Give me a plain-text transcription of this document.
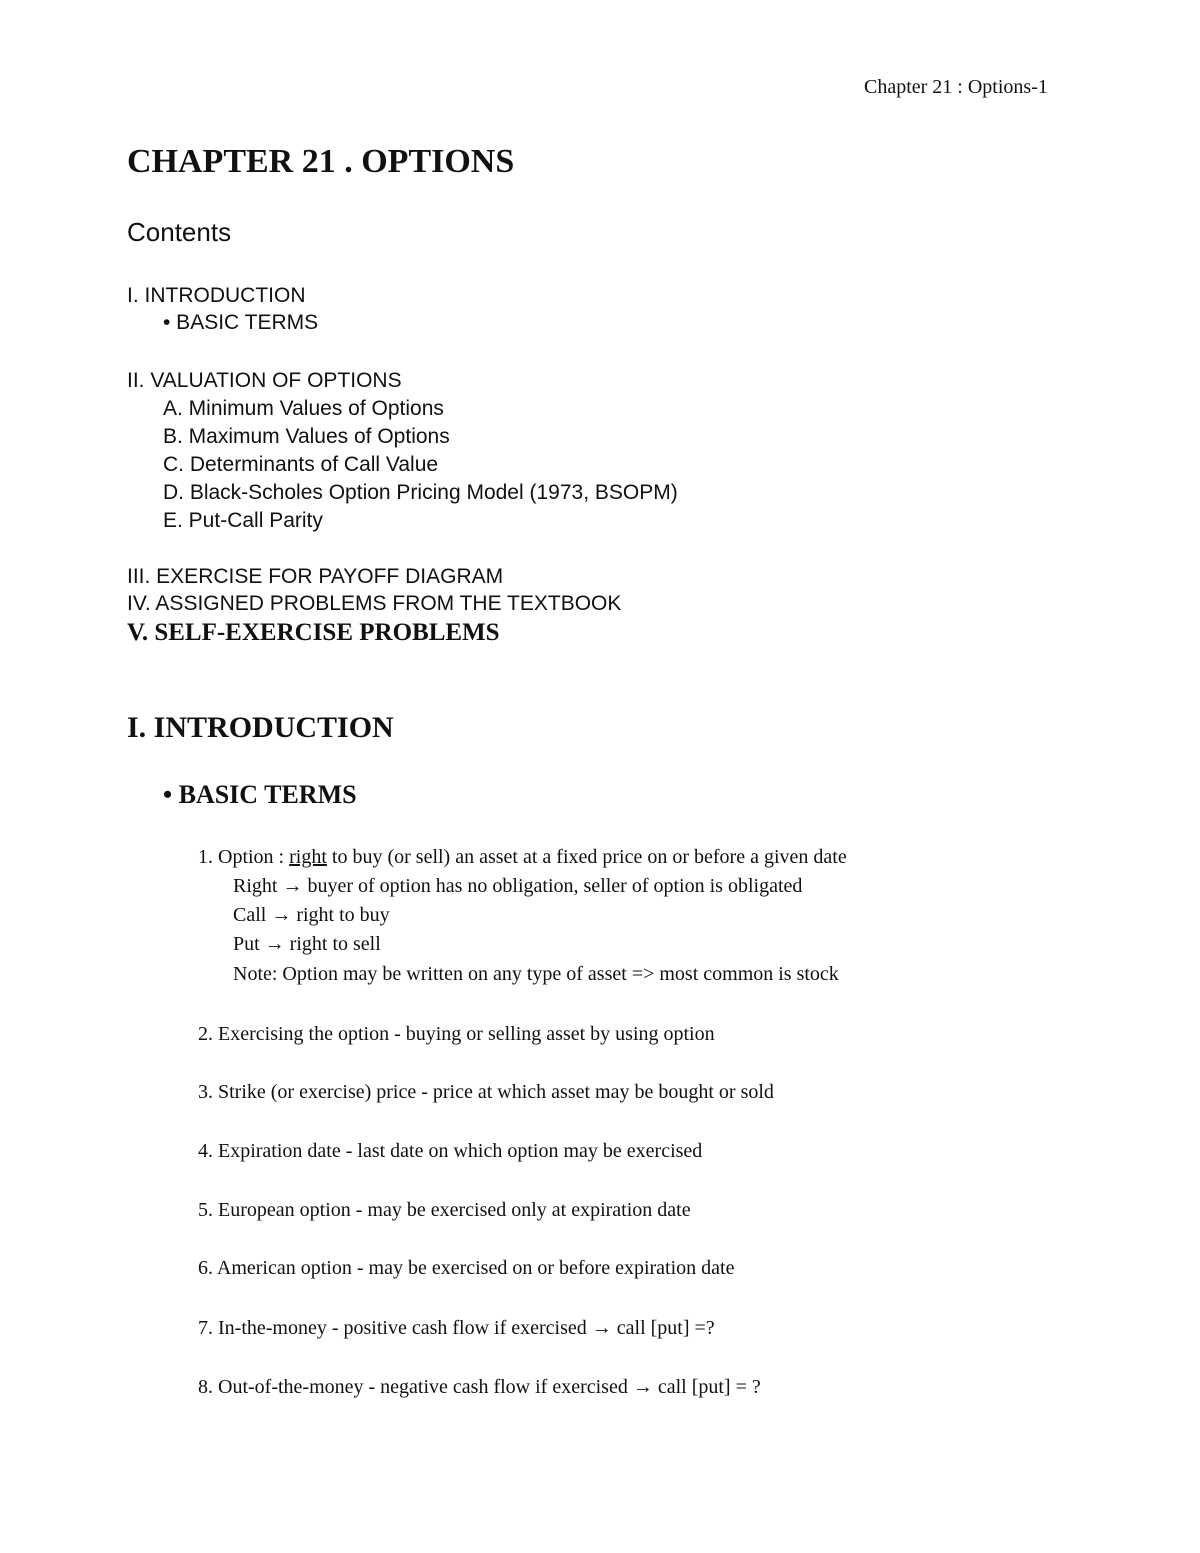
Chapter 21 : Options-1
CHAPTER 21 . OPTIONS
Contents
I. INTRODUCTION
• BASIC TERMS
II. VALUATION OF OPTIONS
A. Minimum Values of Options
B. Maximum Values of Options
C. Determinants of Call Value
D. Black-Scholes Option Pricing Model (1973, BSOPM)
E. Put-Call Parity
III. EXERCISE FOR PAYOFF DIAGRAM
IV. ASSIGNED PROBLEMS FROM THE TEXTBOOK
V. SELF-EXERCISE PROBLEMS
I. INTRODUCTION
• BASIC TERMS
1. Option : right to buy (or sell) an asset at a fixed price on or before a given date
Right → buyer of option has no obligation, seller of option is obligated
Call → right to buy
Put → right to sell
Note: Option may be written on any type of asset => most common is stock
2. Exercising the option - buying or selling asset by using option
3. Strike (or exercise) price - price at which asset may be bought or sold
4. Expiration date - last date on which option may be exercised
5. European option - may be exercised only at expiration date
6. American option - may be exercised on or before expiration date
7. In-the-money - positive cash flow if exercised → call [put] =?
8. Out-of-the-money - negative cash flow if exercised → call [put] = ?
